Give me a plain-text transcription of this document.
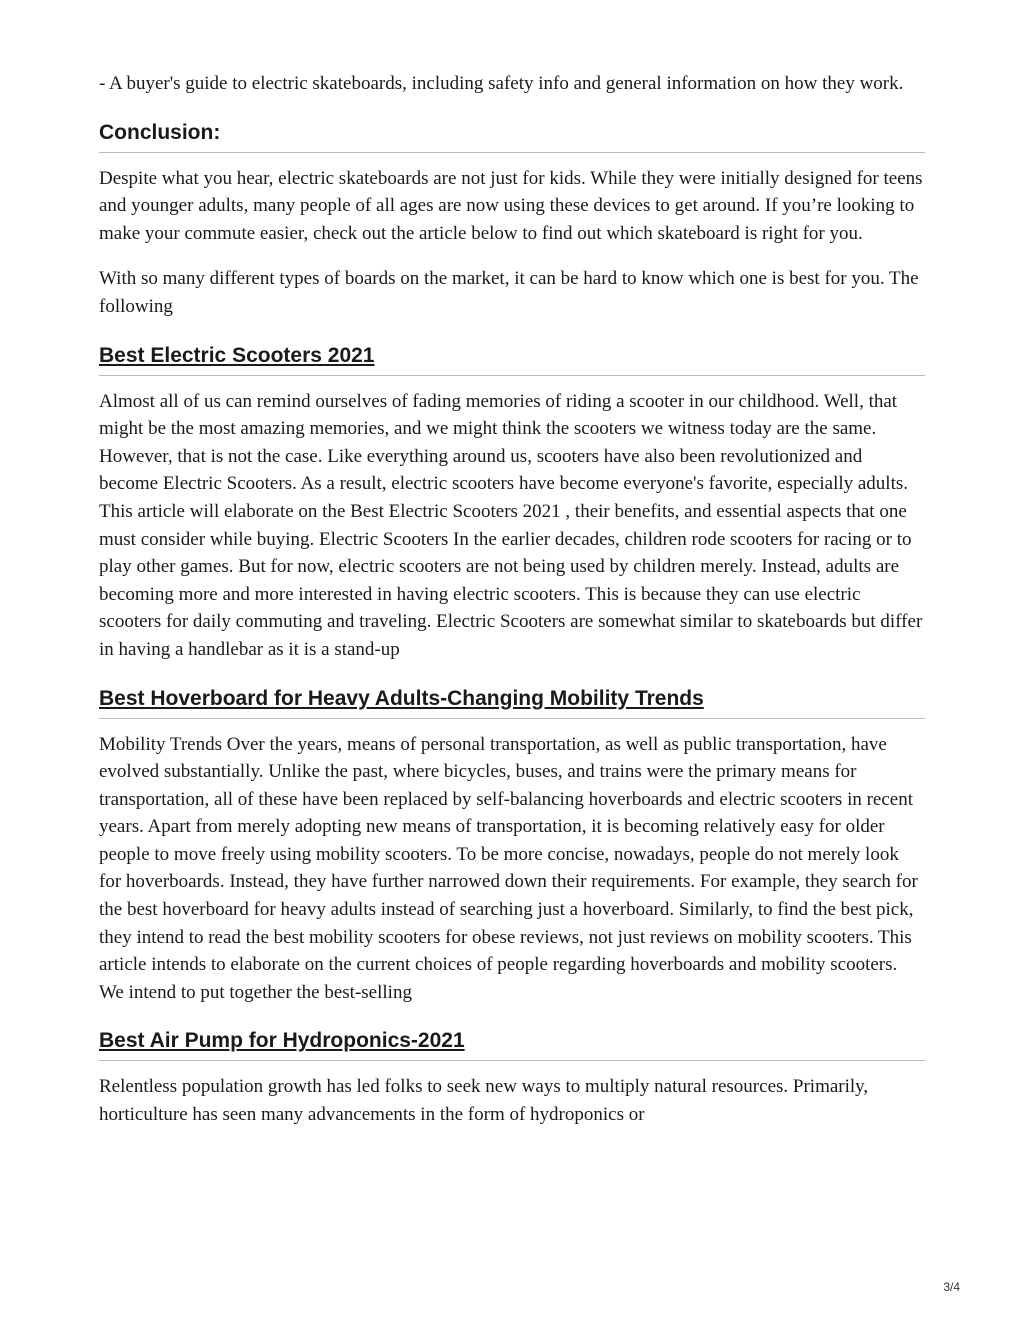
- A buyer's guide to electric skateboards, including safety info and general information on how they work.

Conclusion:

Despite what you hear, electric skateboards are not just for kids. While they were initially designed for teens and younger adults, many people of all ages are now using these devices to get around. If you’re looking to make your commute easier, check out the article below to find out which skateboard is right for you.

With so many different types of boards on the market, it can be hard to know which one is best for you. The following

Best Electric Scooters 2021

Almost all of us can remind ourselves of fading memories of riding a scooter in our childhood. Well, that might be the most amazing memories, and we might think the scooters we witness today are the same. However, that is not the case. Like everything around us, scooters have also been revolutionized and become Electric Scooters. As a result, electric scooters have become everyone's favorite, especially adults. This article will elaborate on the Best Electric Scooters 2021 , their benefits, and essential aspects that one must consider while buying. Electric Scooters In the earlier decades, children rode scooters for racing or to play other games. But for now, electric scooters are not being used by children merely. Instead, adults are becoming more and more interested in having electric scooters. This is because they can use electric scooters for daily commuting and traveling. Electric Scooters are somewhat similar to skateboards but differ in having a handlebar as it is a stand-up

Best Hoverboard for Heavy Adults-Changing Mobility Trends

Mobility Trends Over the years, means of personal transportation, as well as public transportation, have evolved substantially. Unlike the past, where bicycles, buses, and trains were the primary means for transportation, all of these have been replaced by self-balancing hoverboards and electric scooters in recent years. Apart from merely adopting new means of transportation, it is becoming relatively easy for older people to move freely using mobility scooters. To be more concise, nowadays, people do not merely look for hoverboards. Instead, they have further narrowed down their requirements. For example, they search for the best hoverboard for heavy adults instead of searching just a hoverboard. Similarly, to find the best pick, they intend to read the best mobility scooters for obese reviews, not just reviews on mobility scooters. This article intends to elaborate on the current choices of people regarding hoverboards and mobility scooters. We intend to put together the best-selling

Best Air Pump for Hydroponics-2021

Relentless population growth has led folks to seek new ways to multiply natural resources. Primarily, horticulture has seen many advancements in the form of hydroponics or

3/4
